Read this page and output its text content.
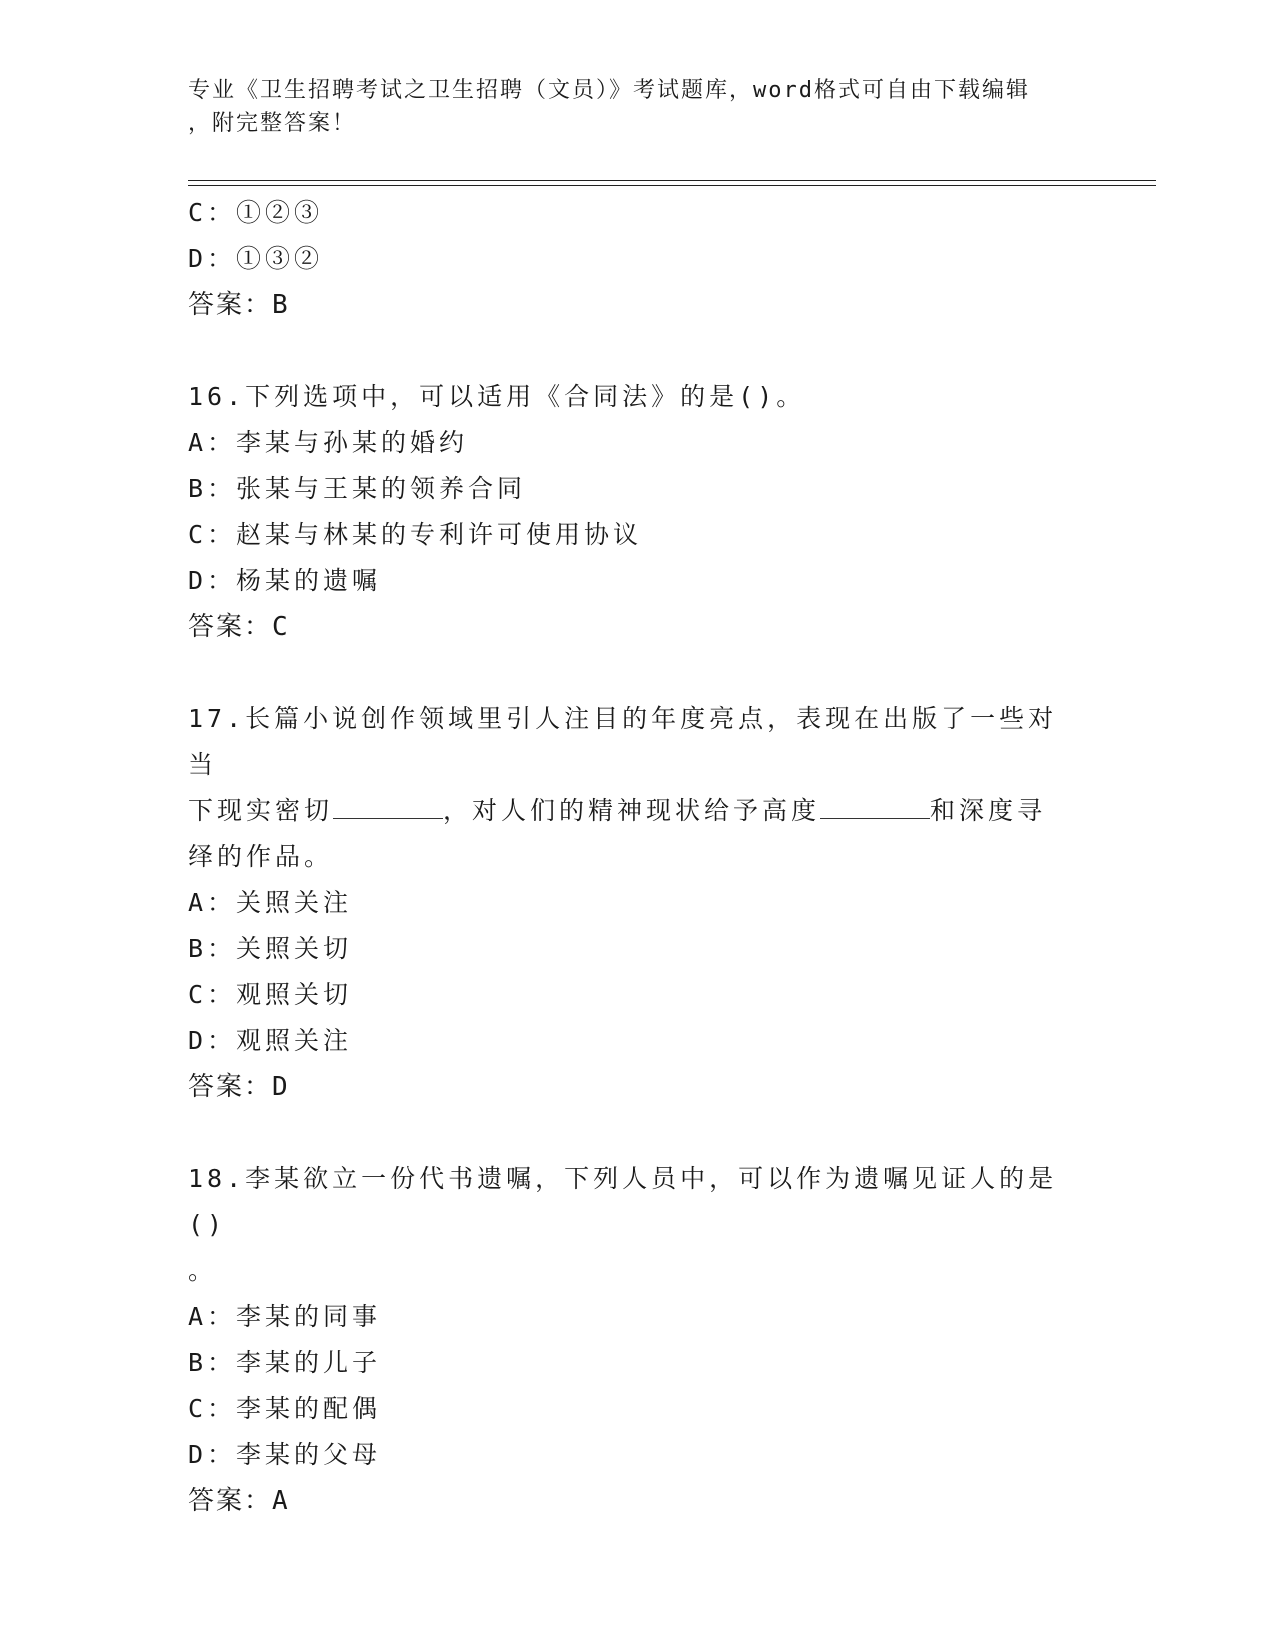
专业《卫生招聘考试之卫生招聘（文员）》考试题库，word格式可自由下载编辑
，附完整答案！
C：①②③
D：①③②
答案：B
16.下列选项中，可以适用《合同法》的是()。
A：李某与孙某的婚约
B：张某与王某的领养合同
C：赵某与林某的专利许可使用协议
D：杨某的遗嘱
答案：C
17.长篇小说创作领域里引人注目的年度亮点，表现在出版了一些对当
下现实密切	，对人们的精神现状给予高度	和深度寻
绎的作品。
A：关照关注
B：关照关切
C：观照关切
D：观照关注
答案：D
18.李某欲立一份代书遗嘱，下列人员中，可以作为遗嘱见证人的是()
。
A：李某的同事
B：李某的儿子
C：李某的配偶
D：李某的父母
答案：A
